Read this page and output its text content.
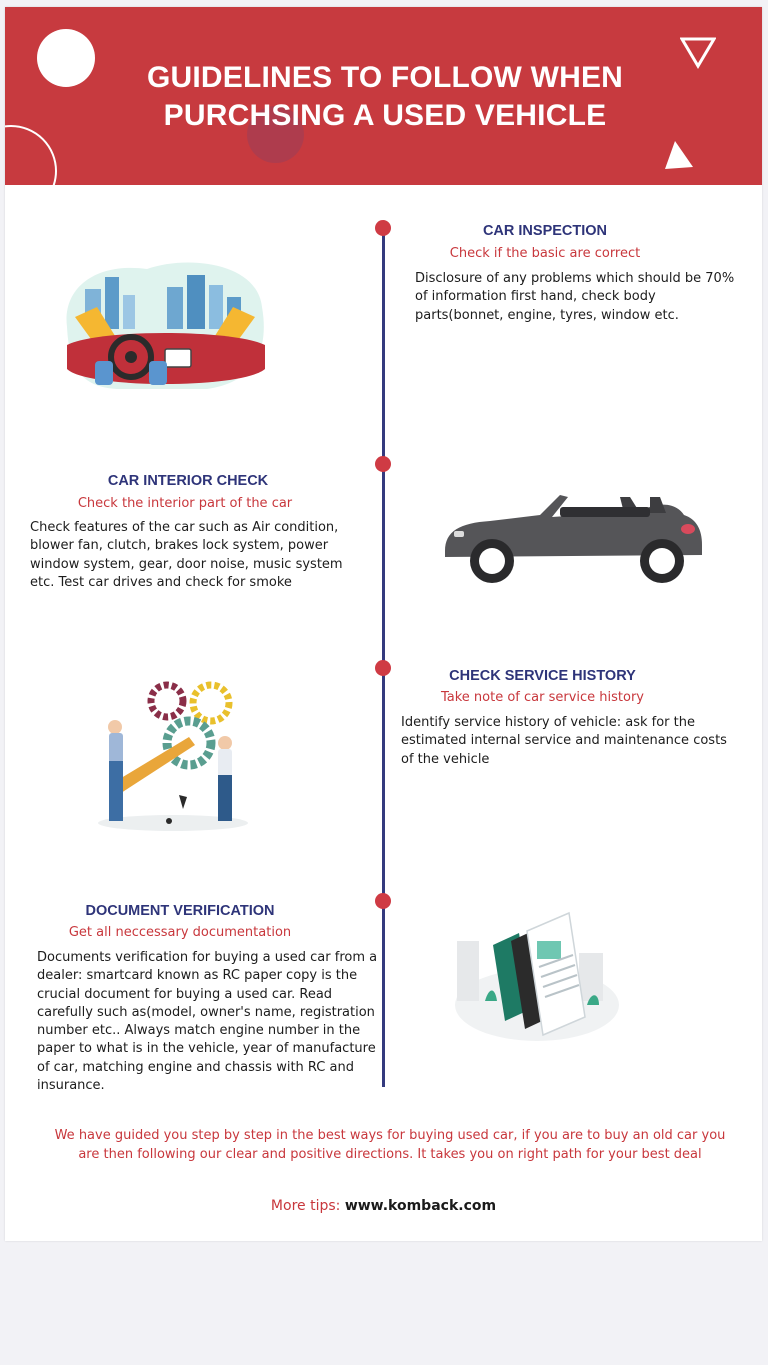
GUIDELINES TO FOLLOW WHEN
PURCHSING A USED VEHICLE
CAR INSPECTION
Check if the basic are correct
Disclosure of any problems which should be 70% of information first hand, check body parts(bonnet, engine, tyres, window etc.
CAR INTERIOR CHECK
Check the interior part of the car
Check features of the car such as Air condition, blower fan, clutch, brakes lock system, power window system, gear, door noise, music system etc. Test car drives and check for smoke
CHECK SERVICE HISTORY
Take note of car service history
Identify service history of vehicle: ask for the estimated internal service and maintenance costs of the vehicle
DOCUMENT VERIFICATION
Get all neccessary documentation
Documents verification for buying a used car from a dealer: smartcard known as RC paper copy is the crucial document for buying a used car. Read carefully such as(model, owner's name, registration number etc.. Always match engine number in the paper to what is in the vehicle, year of manufacture of car, matching engine and chassis with RC and insurance.
We have guided you step by step in the best ways for buying used car, if you are to buy an old car you are then following our clear and positive directions. It takes you on right path for your best deal
More tips: www.komback.com
